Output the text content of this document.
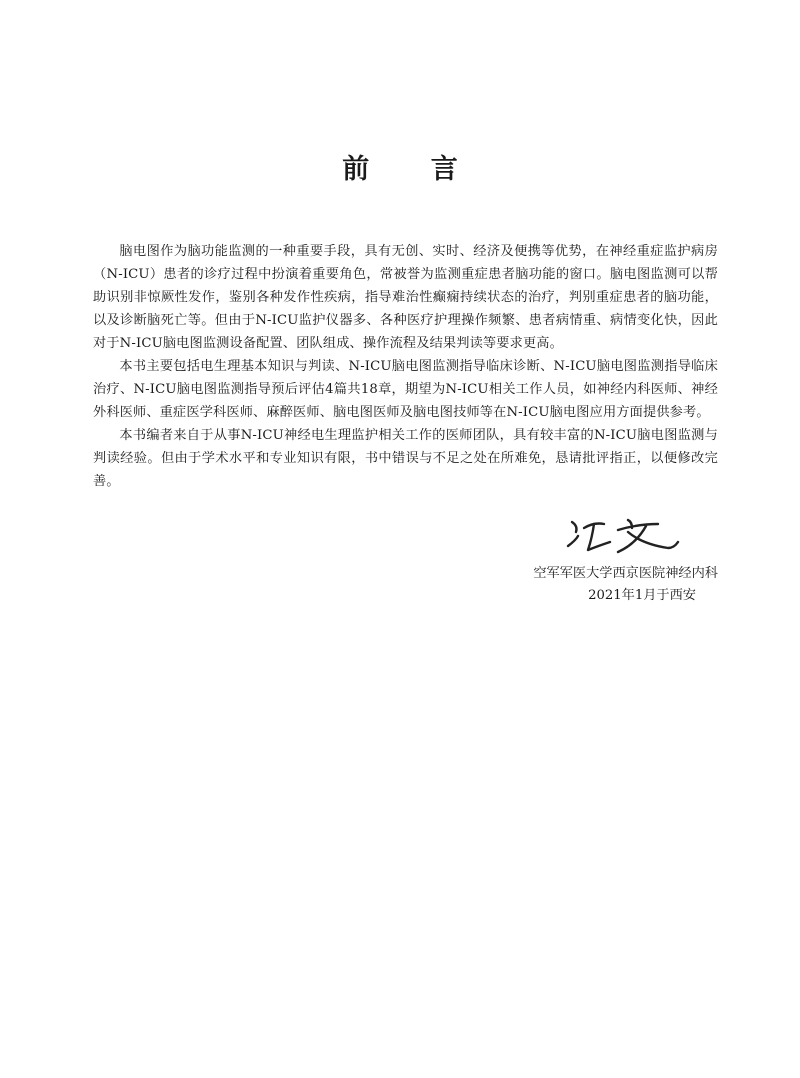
前 言

脑电图作为脑功能监测的一种重要手段，具有无创、实时、经济及便携等优势，在神经重症监护病房（N-ICU）患者的诊疗过程中扮演着重要角色，常被誉为监测重症患者脑功能的窗口。脑电图监测可以帮助识别非惊厥性发作，鉴别各种发作性疾病，指导难治性癫痫持续状态的治疗，判别重症患者的脑功能，以及诊断脑死亡等。但由于N-ICU监护仪器多、各种医疗护理操作频繁、患者病情重、病情变化快，因此对于N-ICU脑电图监测设备配置、团队组成、操作流程及结果判读等要求更高。

本书主要包括电生理基本知识与判读、N-ICU脑电图监测指导临床诊断、N-ICU脑电图监测指导临床治疗、N-ICU脑电图监测指导预后评估4篇共18章，期望为N-ICU相关工作人员，如神经内科医师、神经外科医师、重症医学科医师、麻醉医师、脑电图医师及脑电图技师等在N-ICU脑电图应用方面提供参考。

本书编者来自于从事N-ICU神经电生理监护相关工作的医师团队，具有较丰富的N-ICU脑电图监测与判读经验。但由于学术水平和专业知识有限，书中错误与不足之处在所难免，恳请批评指正，以便修改完善。

空军军医大学西京医院神经内科
2021年1月于西安
